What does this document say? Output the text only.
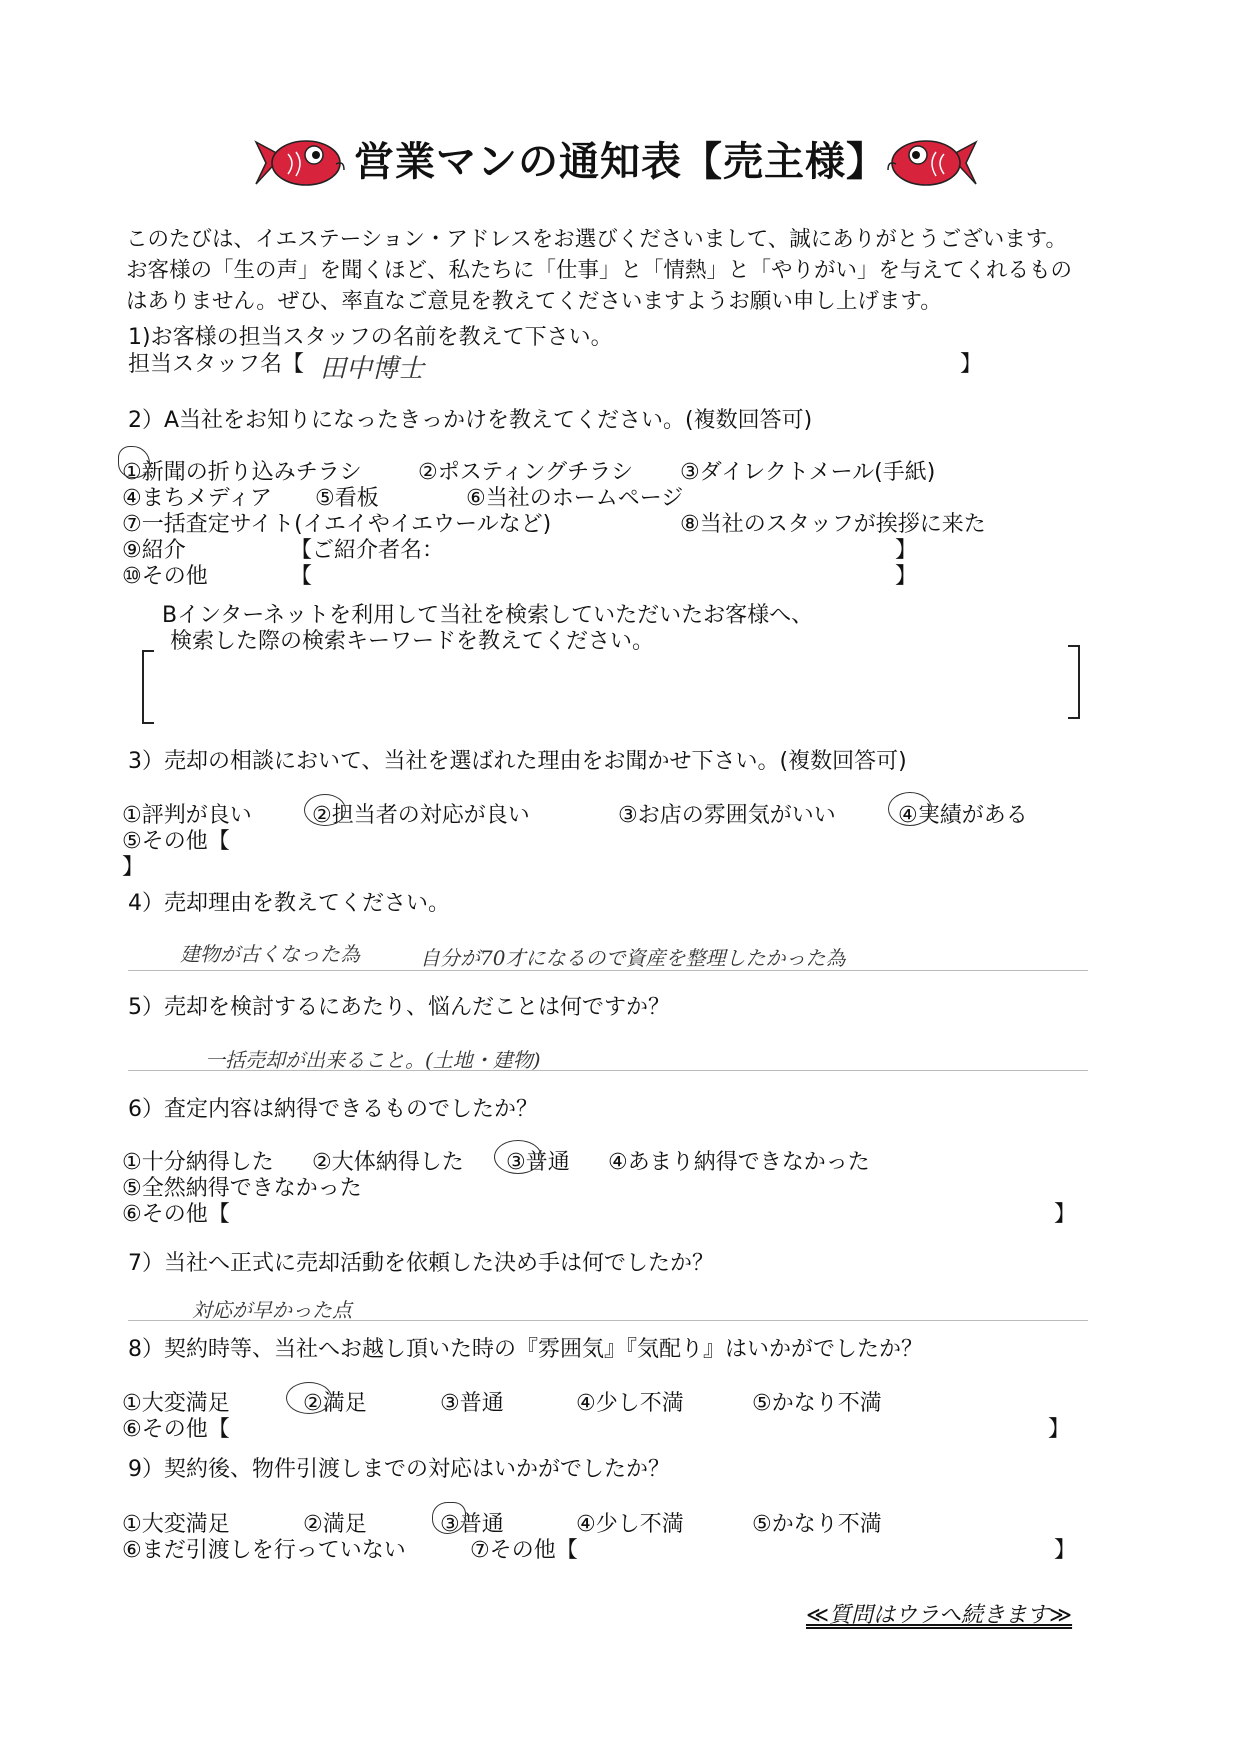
営業マンの通知表【売主様】
このたびは、イエステーション・アドレスをお選びくださいまして、誠にありがとうございます。お客様の「生の声」を聞くほど、私たちに「仕事」と「情熱」と「やりがい」を与えてくれるものはありません。ぜひ、率直なご意見を教えてくださいますようお願い申し上げます。
1)お客様の担当スタッフの名前を教えて下さい。
担当スタッフ名【 田中博士	】
2）A当社をお知りになったきっかけを教えてください。(複数回答可)
①新聞の折り込みチラシ	②ポスティングチラシ ③ダイレクトメール(手紙)
④まちメディア ⑤看板	⑥当社のホームページ
⑦一括査定サイト(イエイやイエウールなど)	⑧当社のスタッフが挨拶に来た
⑨紹介	【ご紹介者名：	】
⑩その他	【	】
Bインターネットを利用して当社を検索していただいたお客様へ、
検索した際の検索キーワードを教えてください。
3）売却の相談において、当社を選ばれた理由をお聞かせ下さい。(複数回答可)
①評判が良い	②担当者の対応が良い	③お店の雰囲気がいい	④実績がある
⑤その他【
】
4）売却理由を教えてください。
建物が古くなった為	自分が70才になるので資産を整理したかった為
5）売却を検討するにあたり、悩んだことは何ですか？
一括売却が出来ること。(土地・建物)
6）査定内容は納得できるものでしたか？
①十分納得した ②大体納得した ③普通 ④あまり納得できなかった
⑤全然納得できなかった
⑥その他【	】
7）当社へ正式に売却活動を依頼した決め手は何でしたか？
対応が早かった点
8）契約時等、当社へお越し頂いた時の『雰囲気』『気配り』はいかがでしたか？
①大変満足	②満足	③普通	④少し不満	⑤かなり不満
⑥その他【	】
9）契約後、物件引渡しまでの対応はいかがでしたか？
①大変満足	②満足	③普通	④少し不満	⑤かなり不満
⑥まだ引渡しを行っていない	⑦その他【	】
≪質問はウラへ続きます≫
